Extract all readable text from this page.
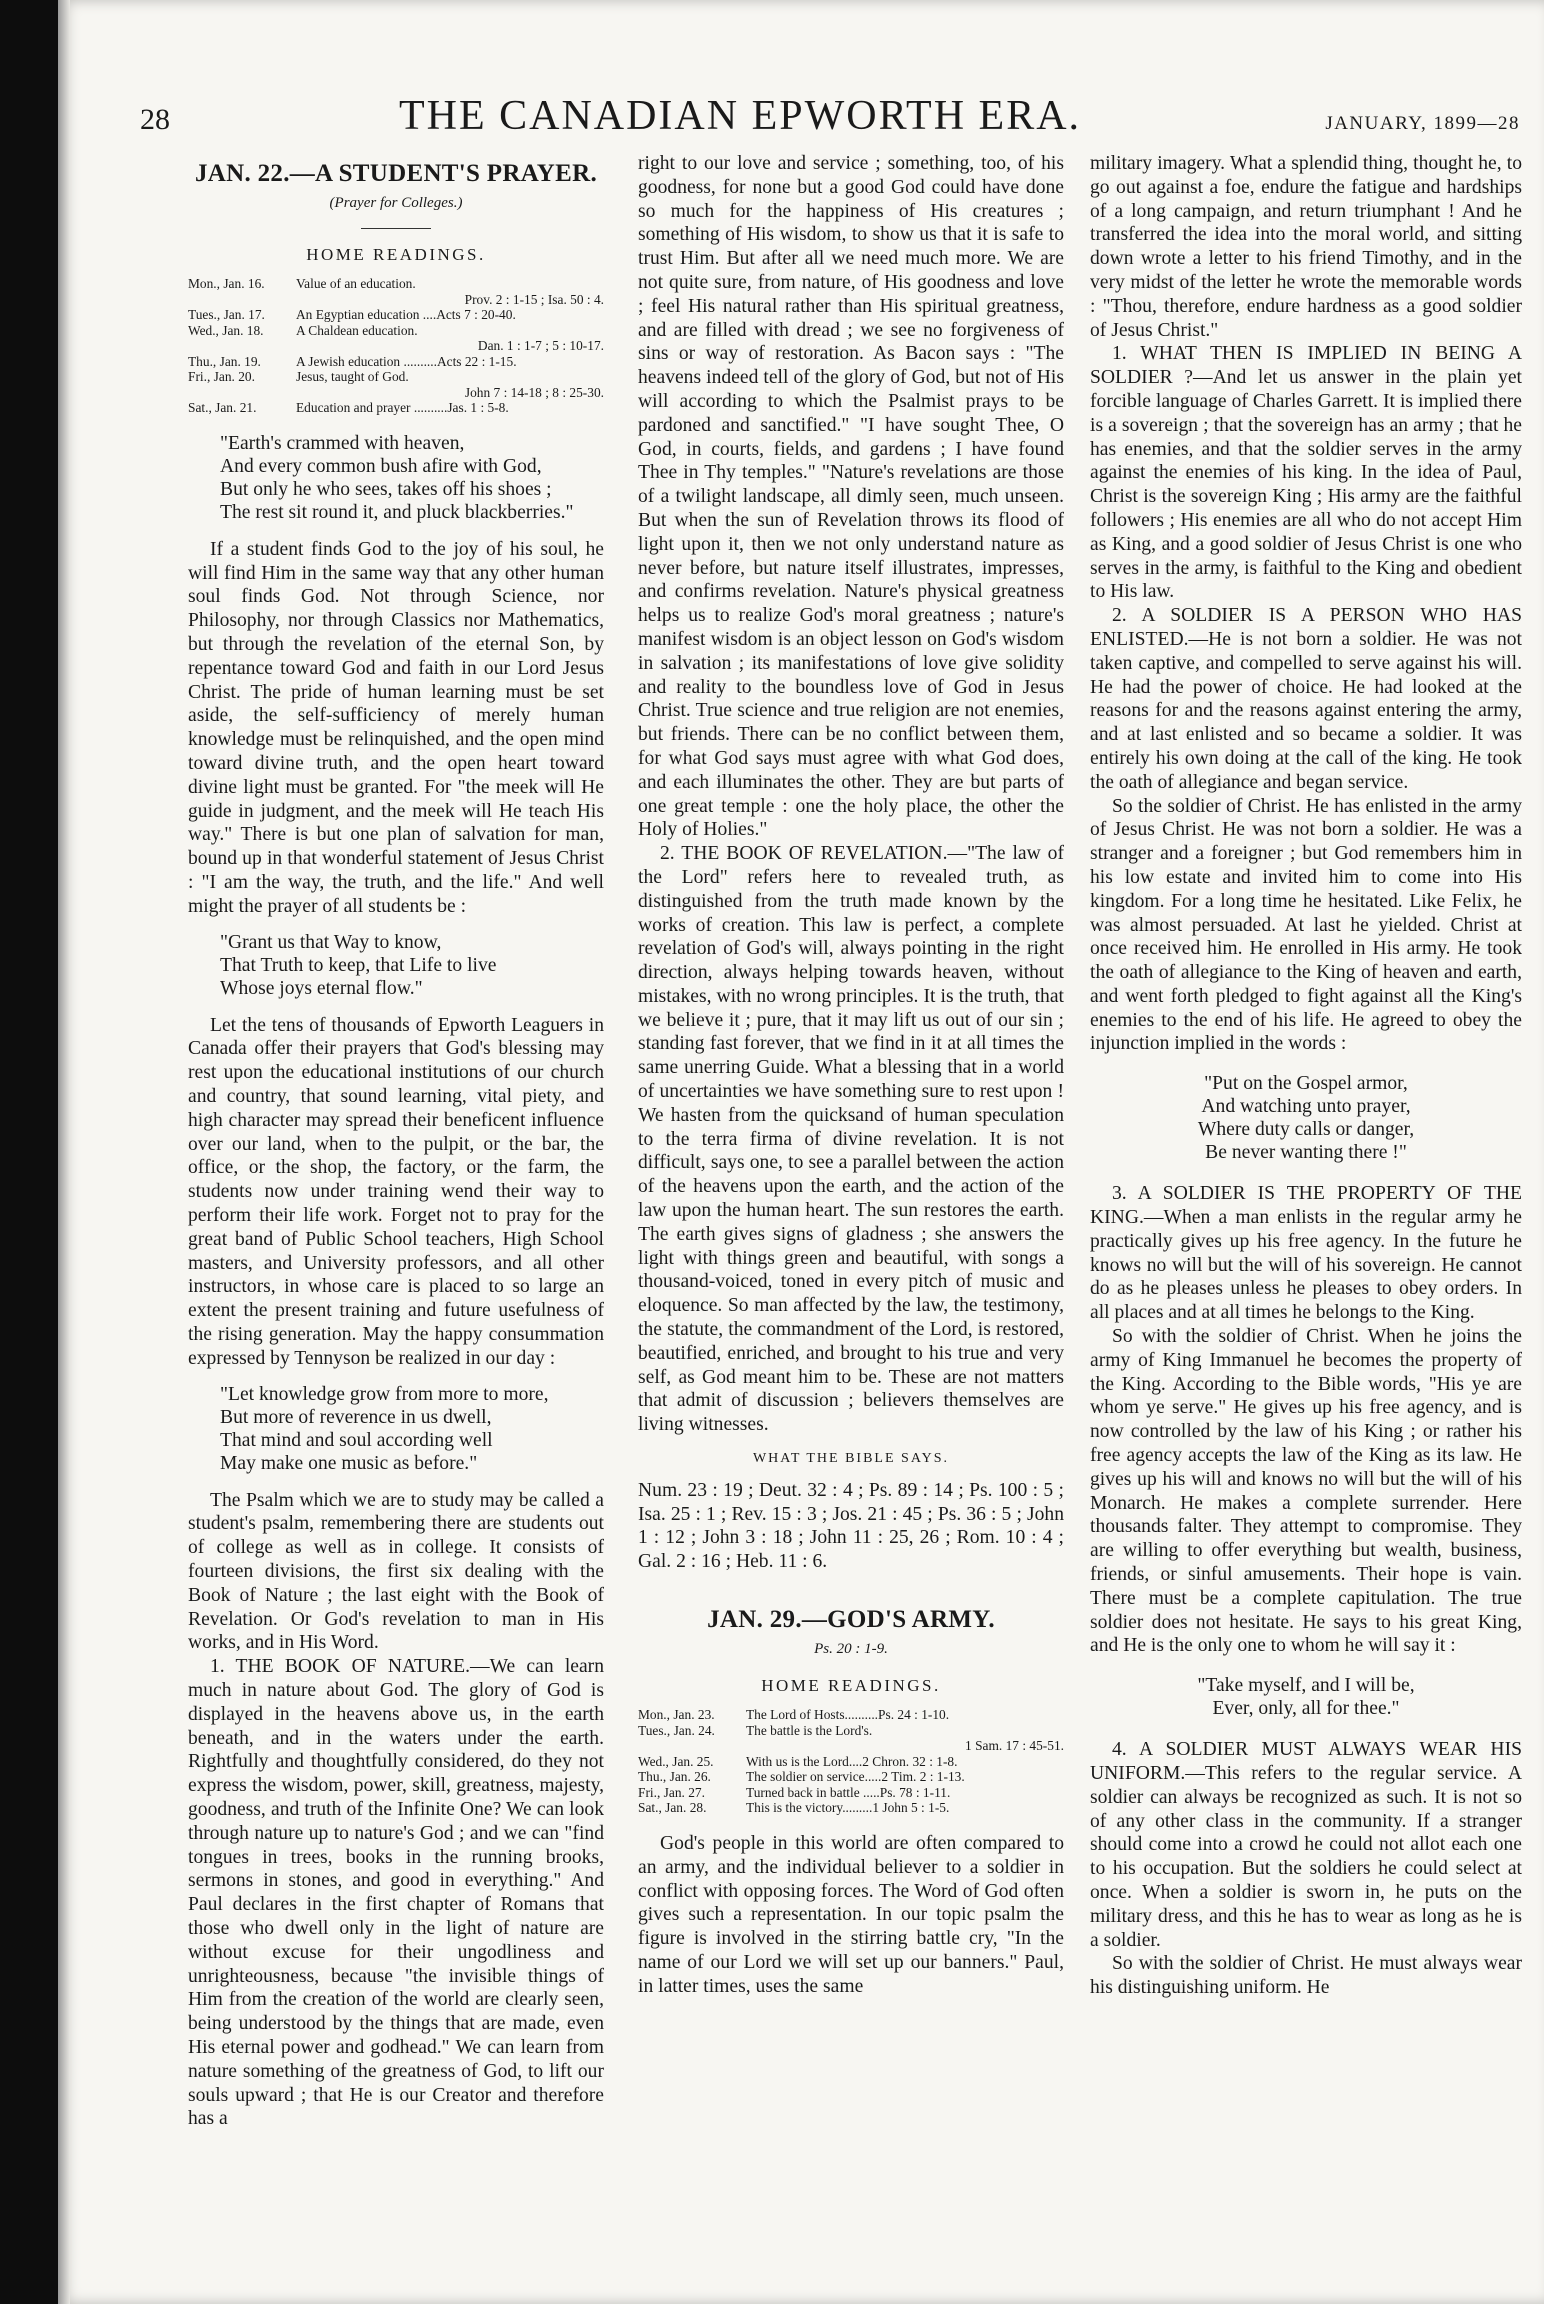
28	THE CANADIAN EPWORTH ERA.	JANUARY, 1899—28
JAN. 22.—A STUDENT'S PRAYER.
(Prayer for Colleges.)
HOME READINGS.
Mon., Jan. 16.	Value of an education.
	Prov. 2 : 1-15 ; Isa. 50 : 4.
Tues., Jan. 17.	An Egyptian education ....Acts 7 : 20-40.
Wed., Jan. 18.	A Chaldean education.
	Dan. 1 : 1-7 ; 5 : 10-17.
Thu., Jan. 19.	A Jewish education ..........Acts 22 : 1-15.
Fri., Jan. 20.	Jesus, taught of God.
	John 7 : 14-18 ; 8 : 25-30.
Sat., Jan. 21.	Education and prayer ..........Jas. 1 : 5-8.
"Earth's crammed with heaven,
And every common bush afire with God,
But only he who sees, takes off his shoes ;
The rest sit round it, and pluck blackberries."

If a student finds God to the joy of his soul, he will find Him in the same way that any other human soul finds God. Not through Science, nor Philosophy, nor through Classics nor Mathematics, but through the revelation of the eternal Son, by repentance toward God and faith in our Lord Jesus Christ. The pride of human learning must be set aside, the self-sufficiency of merely human knowledge must be relinquished, and the open mind toward divine truth, and the open heart toward divine light must be granted. For "the meek will He guide in judgment, and the meek will He teach His way." There is but one plan of salvation for man, bound up in that wonderful statement of Jesus Christ : "I am the way, the truth, and the life." And well might the prayer of all students be :

"Grant us that Way to know,
That Truth to keep, that Life to live
Whose joys eternal flow."

Let the tens of thousands of Epworth Leaguers in Canada offer their prayers that God's blessing may rest upon the educational institutions of our church and country, that sound learning, vital piety, and high character may spread their beneficent influence over our land, when to the pulpit, or the bar, the office, or the shop, the factory, or the farm, the students now under training wend their way to perform their life work. Forget not to pray for the great band of Public School teachers, High School masters, and University professors, and all other instructors, in whose care is placed to so large an extent the present training and future usefulness of the rising generation. May the happy consummation expressed by Tennyson be realized in our day :

"Let knowledge grow from more to more,
But more of reverence in us dwell,
That mind and soul according well
May make one music as before."

The Psalm which we are to study may be called a student's psalm, remembering there are students out of college as well as in college. It consists of fourteen divisions, the first six dealing with the Book of Nature ; the last eight with the Book of Revelation. Or God's revelation to man in His works, and in His Word.

1. THE BOOK OF NATURE.—We can learn much in nature about God. The glory of God is displayed in the heavens above us, in the earth beneath, and in the waters under the earth. Rightfully and thoughtfully considered, do they not express the wisdom, power, skill, greatness, majesty, goodness, and truth of the Infinite One? We can look through nature up to nature's God ; and we can "find tongues in trees, books in the running brooks, sermons in stones, and good in everything." And Paul declares in the first chapter of Romans that those who dwell only in the light of nature are without excuse for their ungodliness and unrighteousness, because "the invisible things of Him from the creation of the world are clearly seen, being understood by the things that are made, even His eternal power and godhead." We can learn from nature something of the greatness of God, to lift our souls upward ; that He is our Creator and therefore has a

right to our love and service ; something, too, of his goodness, for none but a good God could have done so much for the happiness of His creatures ; something of His wisdom, to show us that it is safe to trust Him. But after all we need much more. We are not quite sure, from nature, of His goodness and love ; feel His natural rather than His spiritual greatness, and are filled with dread ; we see no forgiveness of sins or way of restoration. As Bacon says : "The heavens indeed tell of the glory of God, but not of His will according to which the Psalmist prays to be pardoned and sanctified." "I have sought Thee, O God, in courts, fields, and gardens ; I have found Thee in Thy temples." "Nature's revelations are those of a twilight landscape, all dimly seen, much unseen. But when the sun of Revelation throws its flood of light upon it, then we not only understand nature as never before, but nature itself illustrates, impresses, and confirms revelation. Nature's physical greatness helps us to realize God's moral greatness ; nature's manifest wisdom is an object lesson on God's wisdom in salvation ; its manifestations of love give solidity and reality to the boundless love of God in Jesus Christ. True science and true religion are not enemies, but friends. There can be no conflict between them, for what God says must agree with what God does, and each illuminates the other. They are but parts of one great temple : one the holy place, the other the Holy of Holies."

2. THE BOOK OF REVELATION.—"The law of the Lord" refers here to revealed truth, as distinguished from the truth made known by the works of creation. This law is perfect, a complete revelation of God's will, always pointing in the right direction, always helping towards heaven, without mistakes, with no wrong principles. It is the truth, that we believe it ; pure, that it may lift us out of our sin ; standing fast forever, that we find in it at all times the same unerring Guide. What a blessing that in a world of uncertainties we have something sure to rest upon ! We hasten from the quicksand of human speculation to the terra firma of divine revelation. It is not difficult, says one, to see a parallel between the action of the heavens upon the earth, and the action of the law upon the human heart. The sun restores the earth. The earth gives signs of gladness ; she answers the light with things green and beautiful, with songs a thousand-voiced, toned in every pitch of music and eloquence. So man affected by the law, the testimony, the statute, the commandment of the Lord, is restored, beautified, enriched, and brought to his true and very self, as God meant him to be. These are not matters that admit of discussion ; believers themselves are living witnesses.

WHAT THE BIBLE SAYS.

Num. 23 : 19 ; Deut. 32 : 4 ; Ps. 89 : 14 ; Ps. 100 : 5 ; Isa. 25 : 1 ; Rev. 15 : 3 ; Jos. 21 : 45 ; Ps. 36 : 5 ; John 1 : 12 ; John 3 : 18 ; John 11 : 25, 26 ; Rom. 10 : 4 ; Gal. 2 : 16 ; Heb. 11 : 6.

JAN. 29.—GOD'S ARMY.
Ps. 20 : 1-9.
HOME READINGS.
Mon., Jan. 23.	The Lord of Hosts..........Ps. 24 : 1-10.
Tues., Jan. 24.	The battle is the Lord's.
	1 Sam. 17 : 45-51.
Wed., Jan. 25.	With us is the Lord....2 Chron. 32 : 1-8.
Thu., Jan. 26.	The soldier on service.....2 Tim. 2 : 1-13.
Fri., Jan. 27.	Turned back in battle .....Ps. 78 : 1-11.
Sat., Jan. 28.	This is the victory.........1 John 5 : 1-5.

God's people in this world are often compared to an army, and the individual believer to a soldier in conflict with opposing forces. The Word of God often gives such a representation. In our topic psalm the figure is involved in the stirring battle cry, "In the name of our Lord we will set up our banners." Paul, in latter times, uses the same

military imagery. What a splendid thing, thought he, to go out against a foe, endure the fatigue and hardships of a long campaign, and return triumphant ! And he transferred the idea into the moral world, and sitting down wrote a letter to his friend Timothy, and in the very midst of the letter he wrote the memorable words : "Thou, therefore, endure hardness as a good soldier of Jesus Christ."

1. WHAT THEN IS IMPLIED IN BEING A SOLDIER ?—And let us answer in the plain yet forcible language of Charles Garrett. It is implied there is a sovereign ; that the sovereign has an army ; that he has enemies, and that the soldier serves in the army against the enemies of his king. In the idea of Paul, Christ is the sovereign King ; His army are the faithful followers ; His enemies are all who do not accept Him as King, and a good soldier of Jesus Christ is one who serves in the army, is faithful to the King and obedient to His law.

2. A SOLDIER IS A PERSON WHO HAS ENLISTED.—He is not born a soldier. He was not taken captive, and compelled to serve against his will. He had the power of choice. He had looked at the reasons for and the reasons against entering the army, and at last enlisted and so became a soldier. It was entirely his own doing at the call of the king. He took the oath of allegiance and began service.

So the soldier of Christ. He has enlisted in the army of Jesus Christ. He was not born a soldier. He was a stranger and a foreigner ; but God remembers him in his low estate and invited him to come into His kingdom. For a long time he hesitated. Like Felix, he was almost persuaded. At last he yielded. Christ at once received him. He enrolled in His army. He took the oath of allegiance to the King of heaven and earth, and went forth pledged to fight against all the King's enemies to the end of his life. He agreed to obey the injunction implied in the words :

"Put on the Gospel armor,
And watching unto prayer,
Where duty calls or danger,
Be never wanting there !"

3. A SOLDIER IS THE PROPERTY OF THE KING.—When a man enlists in the regular army he practically gives up his free agency. In the future he knows no will but the will of his sovereign. He cannot do as he pleases unless he pleases to obey orders. In all places and at all times he belongs to the King.

So with the soldier of Christ. When he joins the army of King Immanuel he becomes the property of the King. According to the Bible words, "His ye are whom ye serve." He gives up his free agency, and is now controlled by the law of his King ; or rather his free agency accepts the law of the King as its law. He gives up his will and knows no will but the will of his Monarch. He makes a complete surrender. Here thousands falter. They attempt to compromise. They are willing to offer everything but wealth, business, friends, or sinful amusements. Their hope is vain. There must be a complete capitulation. The true soldier does not hesitate. He says to his great King, and He is the only one to whom he will say it :

"Take myself, and I will be,
Ever, only, all for thee."

4. A SOLDIER MUST ALWAYS WEAR HIS UNIFORM.—This refers to the regular service. A soldier can always be recognized as such. It is not so of any other class in the community. If a stranger should come into a crowd he could not allot each one to his occupation. But the soldiers he could select at once. When a soldier is sworn in, he puts on the military dress, and this he has to wear as long as he is a soldier.

So with the soldier of Christ. He must always wear his distinguishing uniform. He
